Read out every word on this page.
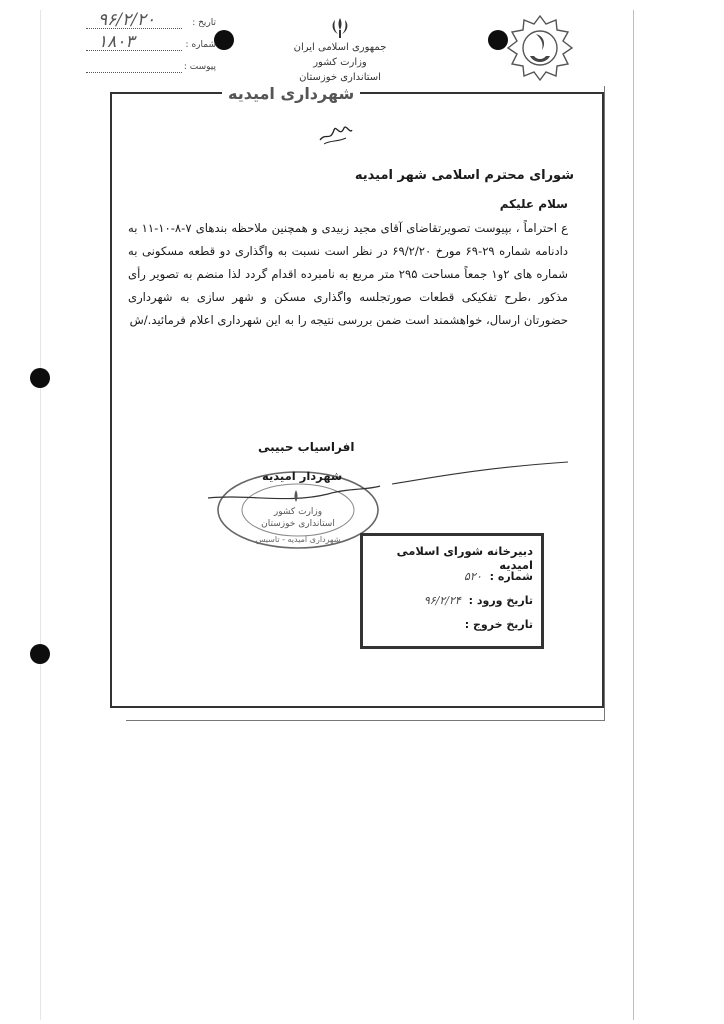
تاریخ :
۹۶/۲/۲۰
شماره :
۱۸۰۳
پیوست :
جمهوری اسلامی ایران
وزارت کشور
استانداری خوزستان
شهرداری امیدیه
شورای محترم اسلامی شهر امیدیه
سلام علیکم
ع احتراماً ، بپیوست تصویرتقاضای آقای مجید زبیدی و همچنین ملاحظه بندهای ۷-۸-۱۰-۱۱ به دادنامه شماره ۲۹-۶۹ مورخ ۶۹/۲/۲۰ در نظر است نسبت به واگذاری دو قطعه مسکونی به شماره های ۲و۱ جمعاً مساحت ۲۹۵ متر مربع به نامبرده اقدام گردد لذا منضم به تصویر رأی مذکور ،طرح تفکیکی قطعات صورتجلسه واگذاری مسکن و شهر سازی به شهرداری حضورتان ارسال، خواهشمند است ضمن بررسی نتیجه را به این شهرداری اعلام فرمائید./ش
وزارت کشور
استانداری خوزستان
شهرداری امیدیه - تاسیس
افراسیاب حبیبی
شهردار امیدیه
دبیرخانه شورای اسلامی امیدیه
شماره : ۵۲۰
تاریخ ورود : ۹۶/۲/۲۴
تاریخ خروج :
